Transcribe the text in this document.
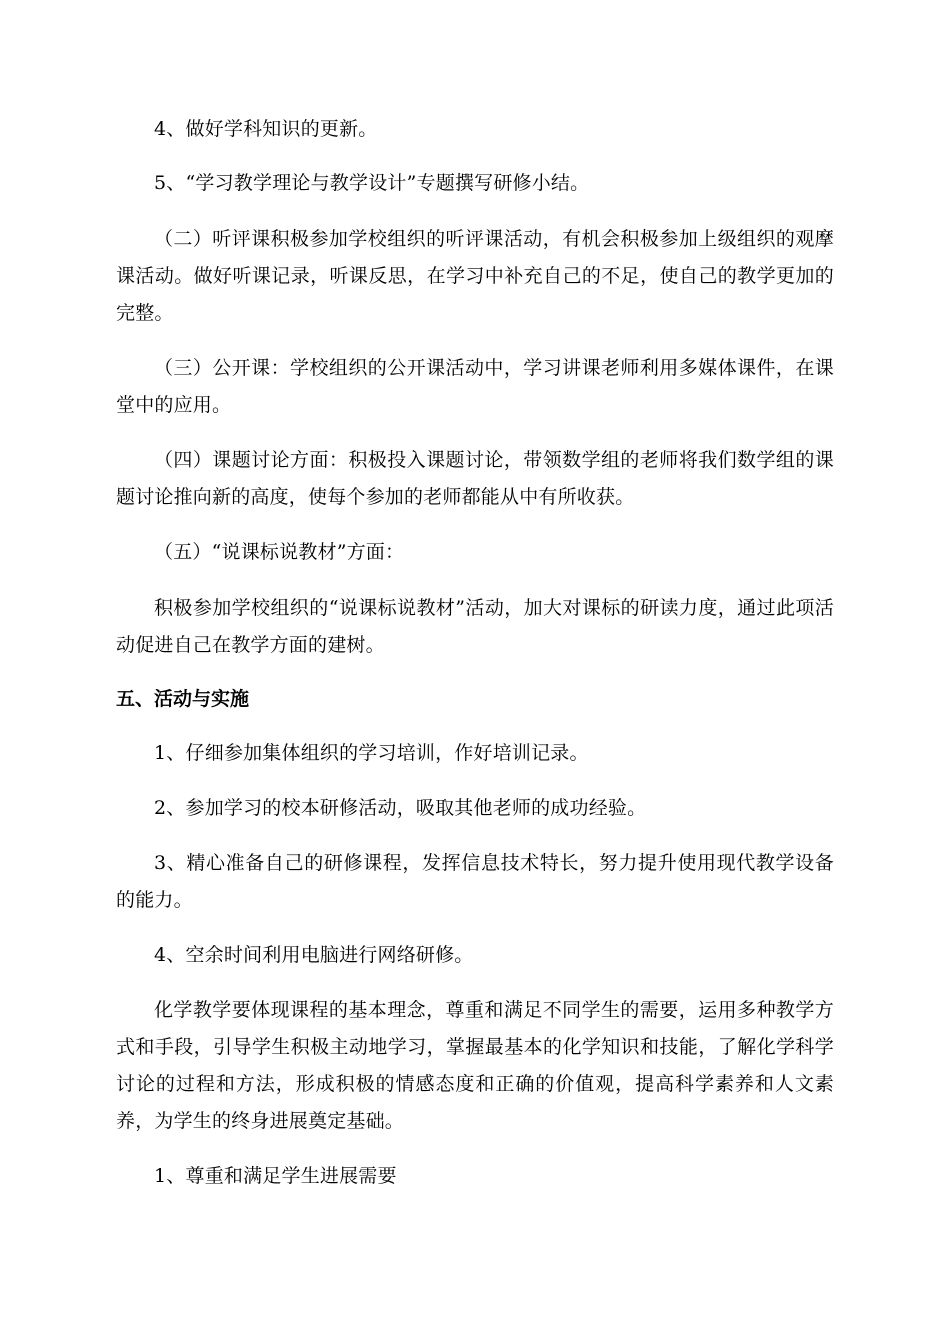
4、做好学科知识的更新。

5、“学习教学理论与教学设计”专题撰写研修小结。

（二）听评课积极参加学校组织的听评课活动，有机会积极参加上级组织的观摩课活动。做好听课记录，听课反思，在学习中补充自己的不足，使自己的教学更加的完整。

（三）公开课：学校组织的公开课活动中，学习讲课老师利用多媒体课件，在课堂中的应用。

（四）课题讨论方面：积极投入课题讨论，带领数学组的老师将我们数学组的课题讨论推向新的高度，使每个参加的老师都能从中有所收获。

（五）“说课标说教材”方面：

积极参加学校组织的“说课标说教材”活动，加大对课标的研读力度，通过此项活动促进自己在教学方面的建树。

五、活动与实施

1、仔细参加集体组织的学习培训，作好培训记录。

2、参加学习的校本研修活动，吸取其他老师的成功经验。

3、精心准备自己的研修课程，发挥信息技术特长，努力提升使用现代教学设备的能力。

4、空余时间利用电脑进行网络研修。

化学教学要体现课程的基本理念，尊重和满足不同学生的需要，运用多种教学方式和手段，引导学生积极主动地学习，掌握最基本的化学知识和技能，了解化学科学讨论的过程和方法，形成积极的情感态度和正确的价值观，提高科学素养和人文素养，为学生的终身进展奠定基础。

1、尊重和满足学生进展需要
